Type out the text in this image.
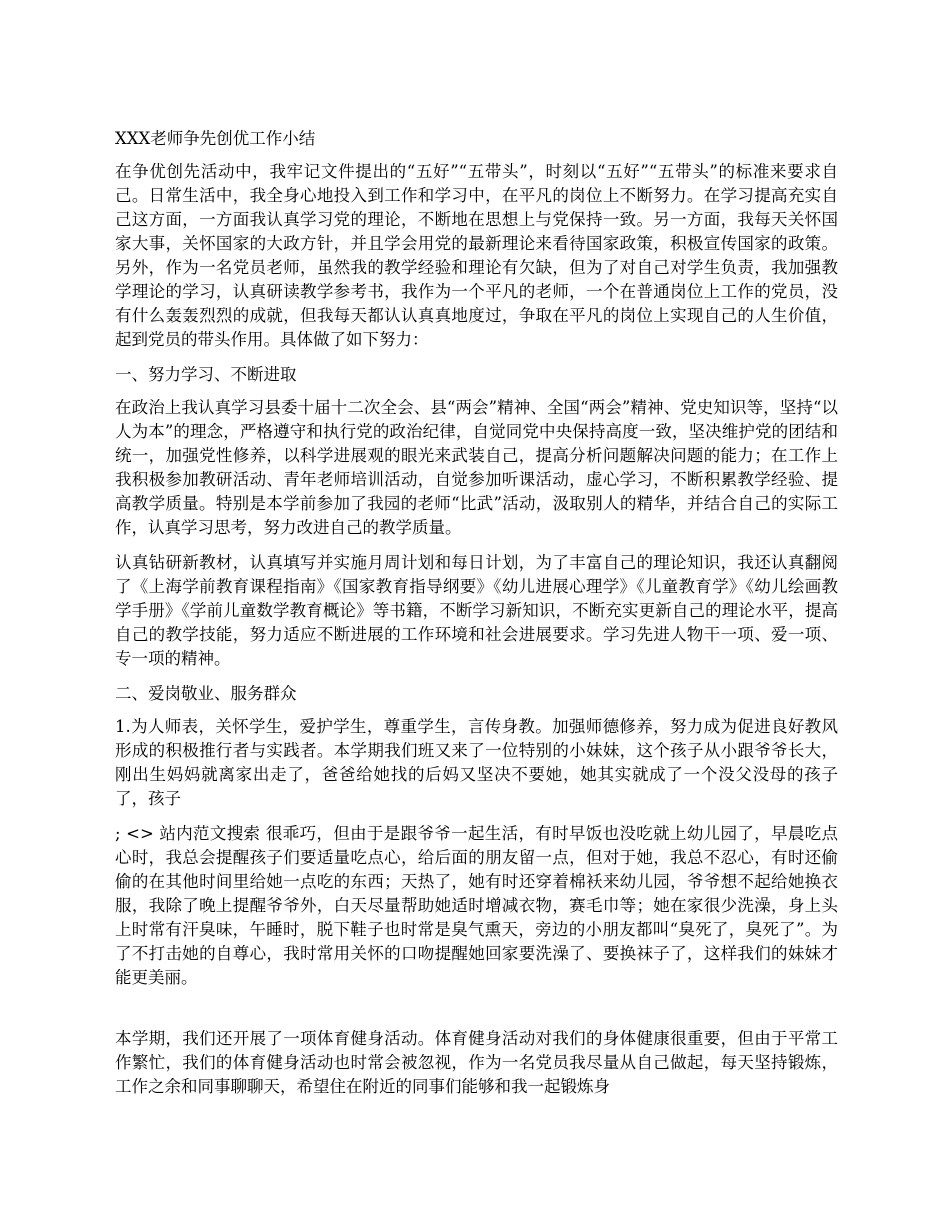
XXX老师争先创优工作小结

在争优创先活动中，我牢记文件提出的“五好”“五带头”，时刻以“五好”“五带头”的标准来要求自己。日常生活中，我全身心地投入到工作和学习中，在平凡的岗位上不断努力。在学习提高充实自己这方面，一方面我认真学习党的理论，不断地在思想上与党保持一致。另一方面，我每天关怀国家大事，关怀国家的大政方针，并且学会用党的最新理论来看待国家政策，积极宣传国家的政策。另外，作为一名党员老师，虽然我的教学经验和理论有欠缺，但为了对自己对学生负责，我加强教学理论的学习，认真研读教学参考书，我作为一个平凡的老师，一个在普通岗位上工作的党员，没有什么轰轰烈烈的成就，但我每天都认认真真地度过，争取在平凡的岗位上实现自己的人生价值，起到党员的带头作用。具体做了如下努力：

一、努力学习、不断进取

在政治上我认真学习县委十届十二次全会、县“两会”精神、全国“两会”精神、党史知识等，坚持“以人为本”的理念，严格遵守和执行党的政治纪律，自觉同党中央保持高度一致，坚决维护党的团结和统一，加强党性修养，以科学进展观的眼光来武装自己，提高分析问题解决问题的能力；在工作上我积极参加教研活动、青年老师培训活动，自觉参加听课活动，虚心学习，不断积累教学经验、提高教学质量。特别是本学前参加了我园的老师“比武”活动，汲取别人的精华，并结合自己的实际工作，认真学习思考，努力改进自己的教学质量。

认真钻研新教材，认真填写并实施月周计划和每日计划，为了丰富自己的理论知识，我还认真翻阅了《上海学前教育课程指南》《国家教育指导纲要》《幼儿进展心理学》《儿童教育学》《幼儿绘画教学手册》《学前儿童数学教育概论》等书籍，不断学习新知识，不断充实更新自己的理论水平，提高自己的教学技能，努力适应不断进展的工作环境和社会进展要求。学习先进人物干一项、爱一项、专一项的精神。

二、爱岗敬业、服务群众

1.为人师表，关怀学生，爱护学生，尊重学生，言传身教。加强师德修养，努力成为促进良好教风形成的积极推行者与实践者。本学期我们班又来了一位特别的小妹妹，这个孩子从小跟爷爷长大，刚出生妈妈就离家出走了，爸爸给她找的后妈又坚决不要她，她其实就成了一个没父没母的孩子了，孩子

; <> 站内范文搜索 很乖巧，但由于是跟爷爷一起生活，有时早饭也没吃就上幼儿园了，早晨吃点心时，我总会提醒孩子们要适量吃点心，给后面的朋友留一点，但对于她，我总不忍心，有时还偷偷的在其他时间里给她一点吃的东西；天热了，她有时还穿着棉袄来幼儿园，爷爷想不起给她换衣服，我除了晚上提醒爷爷外，白天尽量帮助她适时增减衣物，赛毛巾等；她在家很少洗澡，身上头上时常有汗臭味，午睡时，脱下鞋子也时常是臭气熏天，旁边的小朋友都叫“臭死了，臭死了”。为了不打击她的自尊心，我时常用关怀的口吻提醒她回家要洗澡了、要换袜子了，这样我们的妹妹才能更美丽。

本学期，我们还开展了一项体育健身活动。体育健身活动对我们的身体健康很重要，但由于平常工作繁忙，我们的体育健身活动也时常会被忽视，作为一名党员我尽量从自己做起，每天坚持锻炼，工作之余和同事聊聊天，希望住在附近的同事们能够和我一起锻炼身
